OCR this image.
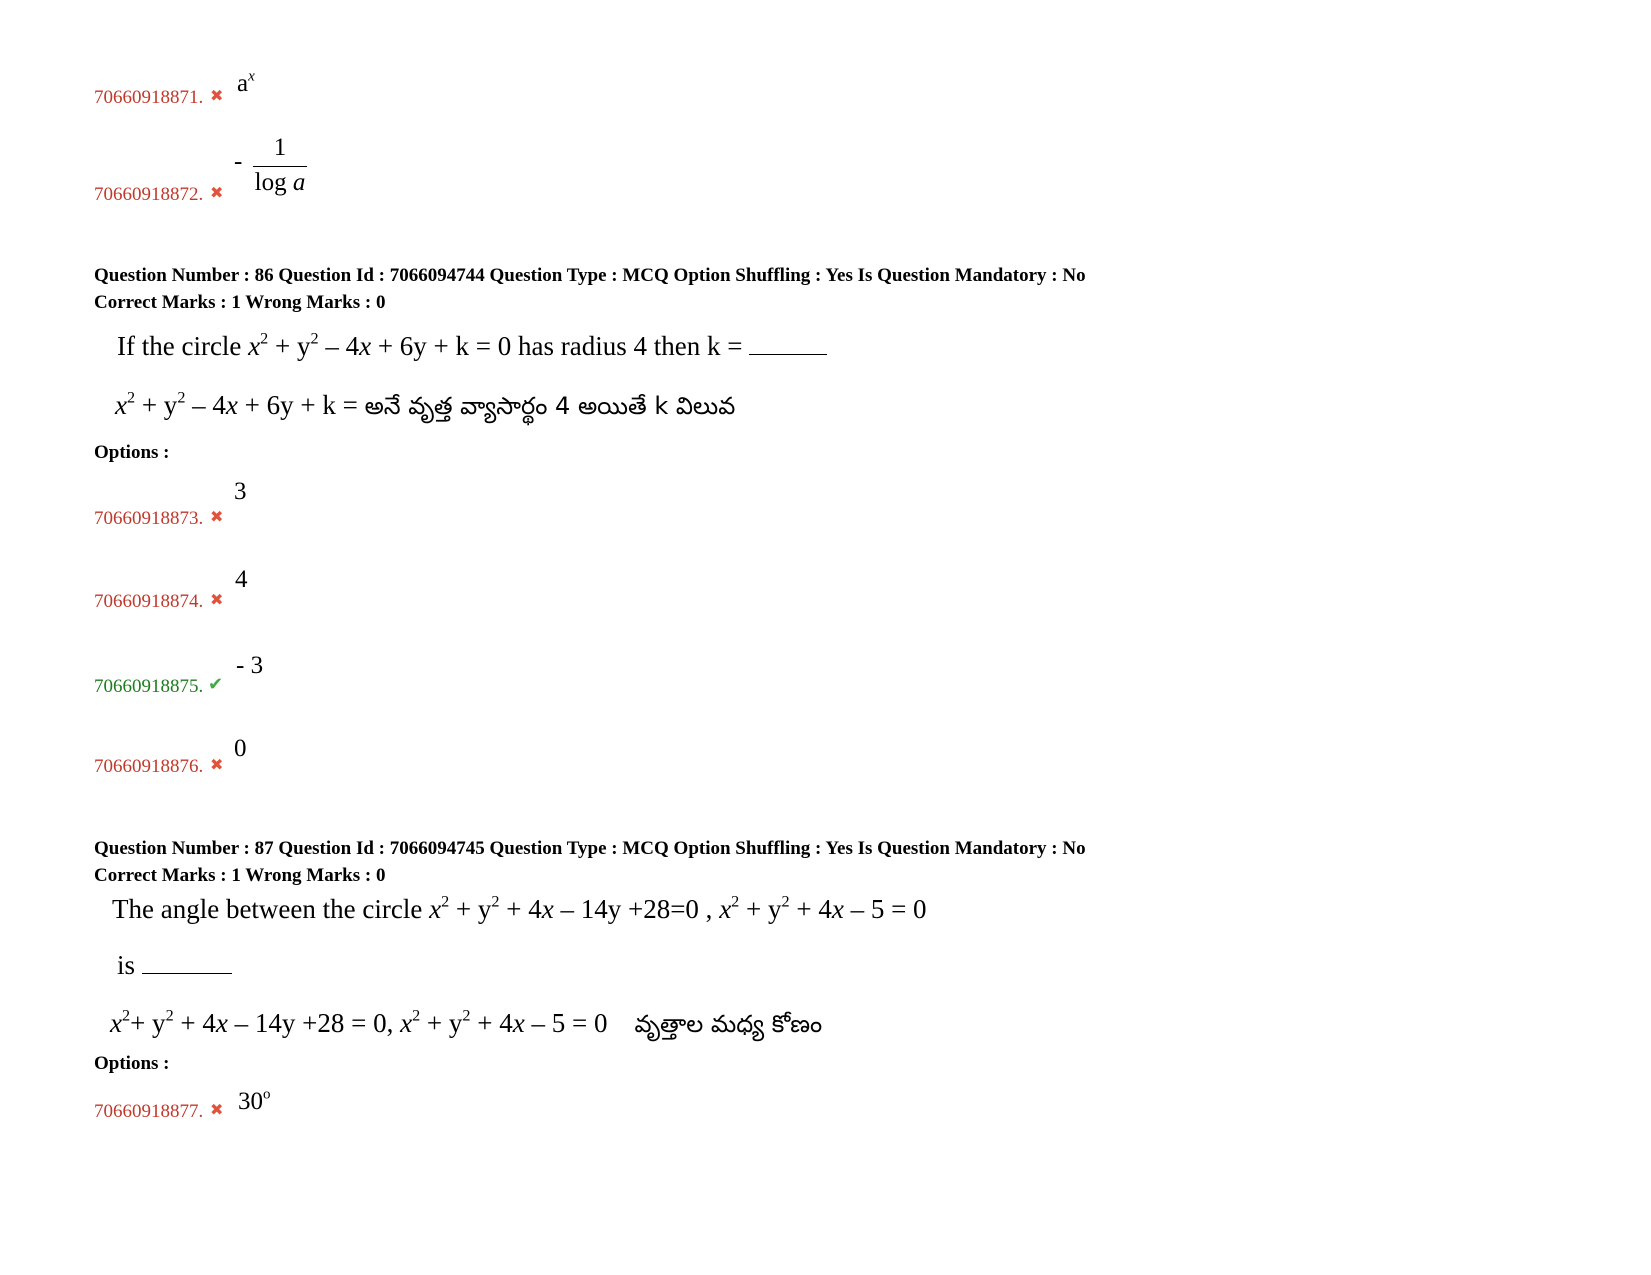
70660918871. ✖ $a^x$
70660918872. ✖
- $\frac{1}{\text{log a}}$
Question Number : 86 Question Id : 7066094744 Question Type : MCQ Option Shuffling : Yes Is Question Mandatory : No
Correct Marks : 1 Wrong Marks : 0
If the circle $x^2 + y^2 - 4x + 6y + k = 0$ has radius 4 then k =
$x^2 + y^2 - 4x + 6y + k$ = అనే వృత్త వ్యాసార్థం 4 అయితే k విలువ
Options :
70660918873. ✖
3
70660918874. ✖
4
70660918875. ✔
- 3
70660918876. ✖
0
Question Number : 87 Question Id : 7066094745 Question Type : MCQ Option Shuffling : Yes Is Question Mandatory : No
Correct Marks : 1 Wrong Marks : 0
The angle between the circle $x^2 + y^2 + 4x - 14y +28=0$ , $x^2 + y^2 + 4x - 5 = 0$
is
$x^2+ y^2 + 4x - 14y +28 = 0$, $x^2 + y^2 + 4x - 5 = 0$ వృత్తాల మధ్య కోణం
Options :
70660918877. ✖ 30$^o$
